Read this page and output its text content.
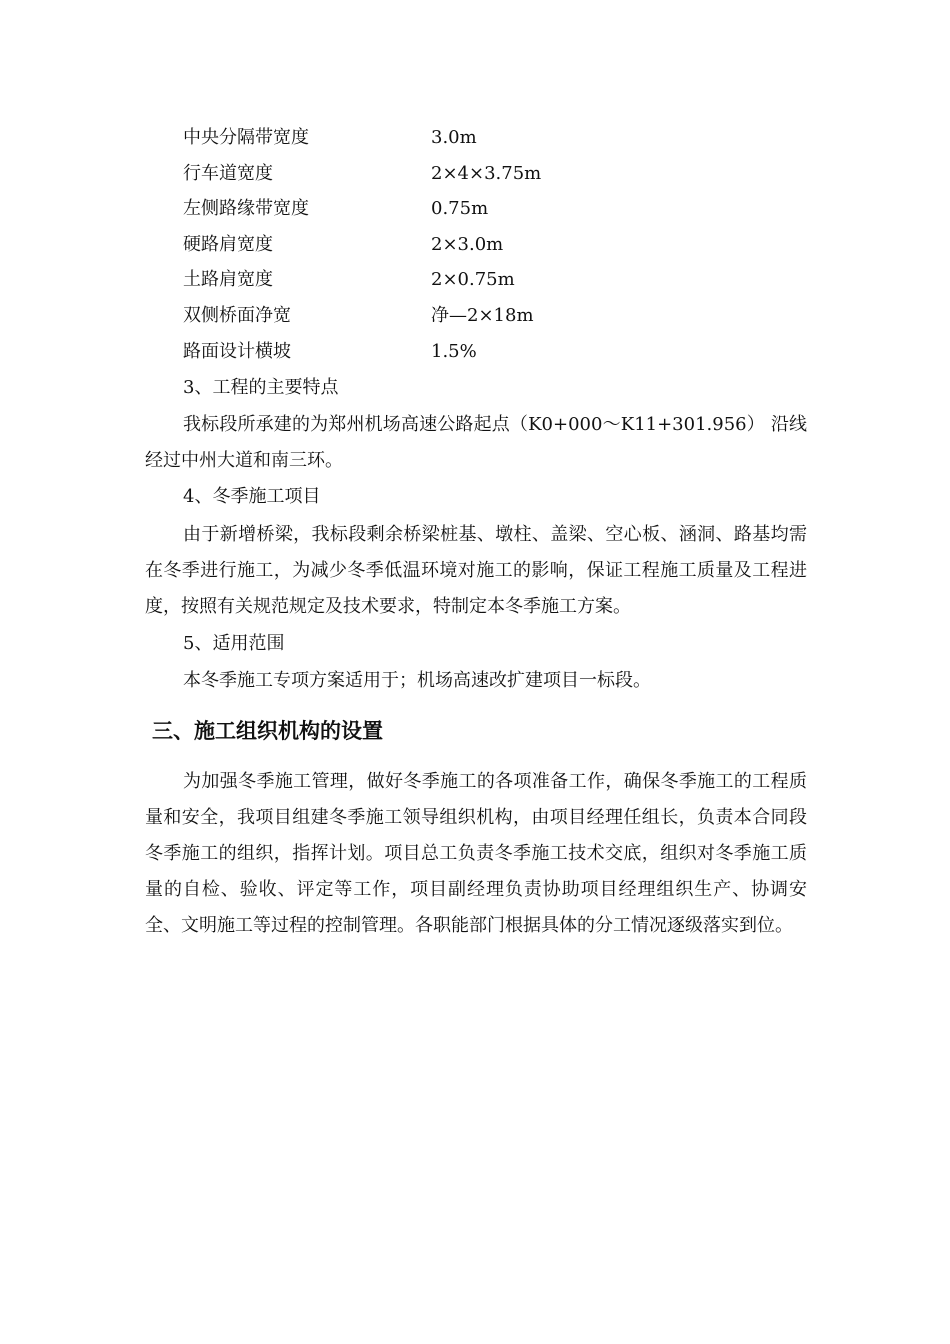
中央分隔带宽度	3.0m
行车道宽度	2×4×3.75m
左侧路缘带宽度	0.75m
硬路肩宽度	2×3.0m
土路肩宽度	2×0.75m
双侧桥面净宽	净—2×18m
路面设计横坡	1.5%
3、工程的主要特点

我标段所承建的为郑州机场高速公路起点（K0+000～K11+301.956） 沿线经过中州大道和南三环。

4、冬季施工项目

由于新增桥梁，我标段剩余桥梁桩基、墩柱、盖梁、空心板、涵洞、路基均需在冬季进行施工，为减少冬季低温环境对施工的影响，保证工程施工质量及工程进度，按照有关规范规定及技术要求，特制定本冬季施工方案。

5、适用范围

本冬季施工专项方案适用于；机场高速改扩建项目一标段。

三、施工组织机构的设置

为加强冬季施工管理，做好冬季施工的各项准备工作，确保冬季施工的工程质量和安全，我项目组建冬季施工领导组织机构，由项目经理任组长，负责本合同段冬季施工的组织，指挥计划。项目总工负责冬季施工技术交底，组织对冬季施工质量的自检、验收、评定等工作，项目副经理负责协助项目经理组织生产、协调安全、文明施工等过程的控制管理。各职能部门根据具体的分工情况逐级落实到位。
